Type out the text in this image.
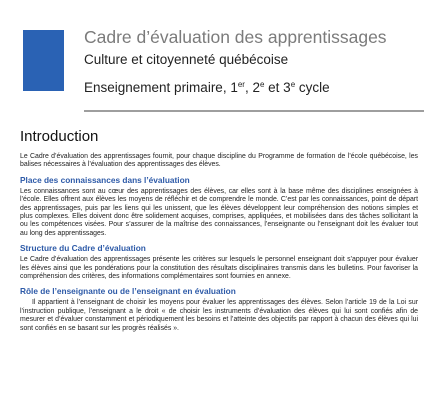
Cadre d’évaluation des apprentissages
Culture et citoyenneté québécoise
Enseignement primaire, 1er, 2e et 3e cycle
Introduction

Le Cadre d’évaluation des apprentissages fournit, pour chaque discipline du Programme de formation de l’école québécoise, les balises nécessaires à l’évaluation des apprentissages des élèves.

Place des connaissances dans l’évaluation

Les connaissances sont au cœur des apprentissages des élèves, car elles sont à la base même des disciplines enseignées à l’école. Elles offrent aux élèves les moyens de réfléchir et de comprendre le monde. C’est par les connaissances, point de départ des apprentissages, puis par les liens qui les unissent, que les élèves développent leur compréhension des notions simples et plus complexes. Elles doivent donc être solidement acquises, comprises, appliquées, et mobilisées dans des tâches sollicitant la ou les compétences visées. Pour s’assurer de la maîtrise des connaissances, l’enseignante ou l’enseignant doit les évaluer tout au long des apprentissages.

Structure du Cadre d’évaluation

Le Cadre d’évaluation des apprentissages présente les critères sur lesquels le personnel enseignant doit s’appuyer pour évaluer les élèves ainsi que les pondérations pour la constitution des résultats disciplinaires transmis dans les bulletins. Pour favoriser la compréhension des critères, des informations complémentaires sont fournies en annexe.

Rôle de l’enseignante ou de l’enseignant en évaluation

Il appartient à l’enseignant de choisir les moyens pour évaluer les apprentissages des élèves. Selon l’article 19 de la Loi sur l’instruction publique, l’enseignant a le droit « de choisir les instruments d’évaluation des élèves qui lui sont confiés afin de mesurer et d’évaluer constamment et périodiquement les besoins et l’atteinte des objectifs par rapport à chacun des élèves qui lui sont confiés en se basant sur les progrès réalisés ».
